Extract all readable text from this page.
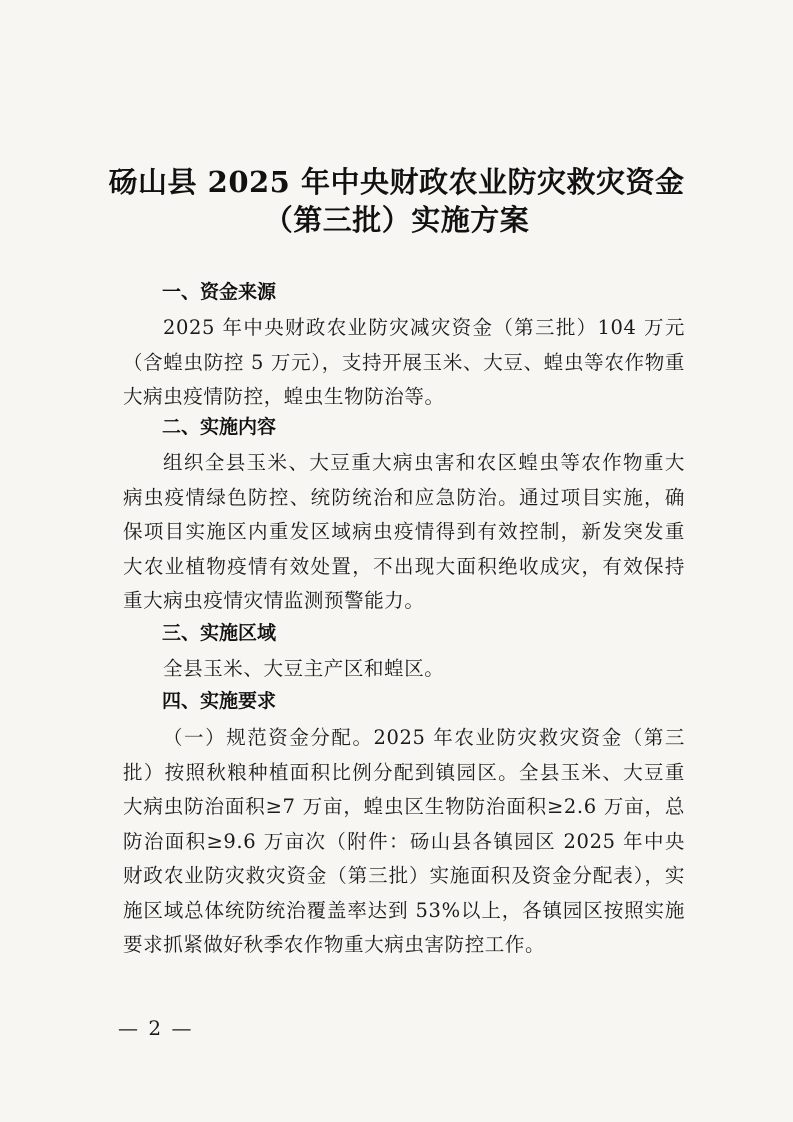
砀山县 2025 年中央财政农业防灾救灾资金
（第三批）实施方案
一、资金来源

2025 年中央财政农业防灾减灾资金（第三批）104 万元（含蝗虫防控 5 万元），支持开展玉米、大豆、蝗虫等农作物重大病虫疫情防控，蝗虫生物防治等。

二、实施内容

组织全县玉米、大豆重大病虫害和农区蝗虫等农作物重大病虫疫情绿色防控、统防统治和应急防治。通过项目实施，确保项目实施区内重发区域病虫疫情得到有效控制，新发突发重大农业植物疫情有效处置，不出现大面积绝收成灾，有效保持重大病虫疫情灾情监测预警能力。

三、实施区域

全县玉米、大豆主产区和蝗区。

四、实施要求

（一）规范资金分配。2025 年农业防灾救灾资金（第三批）按照秋粮种植面积比例分配到镇园区。全县玉米、大豆重大病虫防治面积≥7 万亩，蝗虫区生物防治面积≥2.6 万亩，总防治面积≥9.6 万亩次（附件：砀山县各镇园区 2025 年中央财政农业防灾救灾资金（第三批）实施面积及资金分配表），实施区域总体统防统治覆盖率达到 53%以上，各镇园区按照实施要求抓紧做好秋季农作物重大病虫害防控工作。

— 2 —
